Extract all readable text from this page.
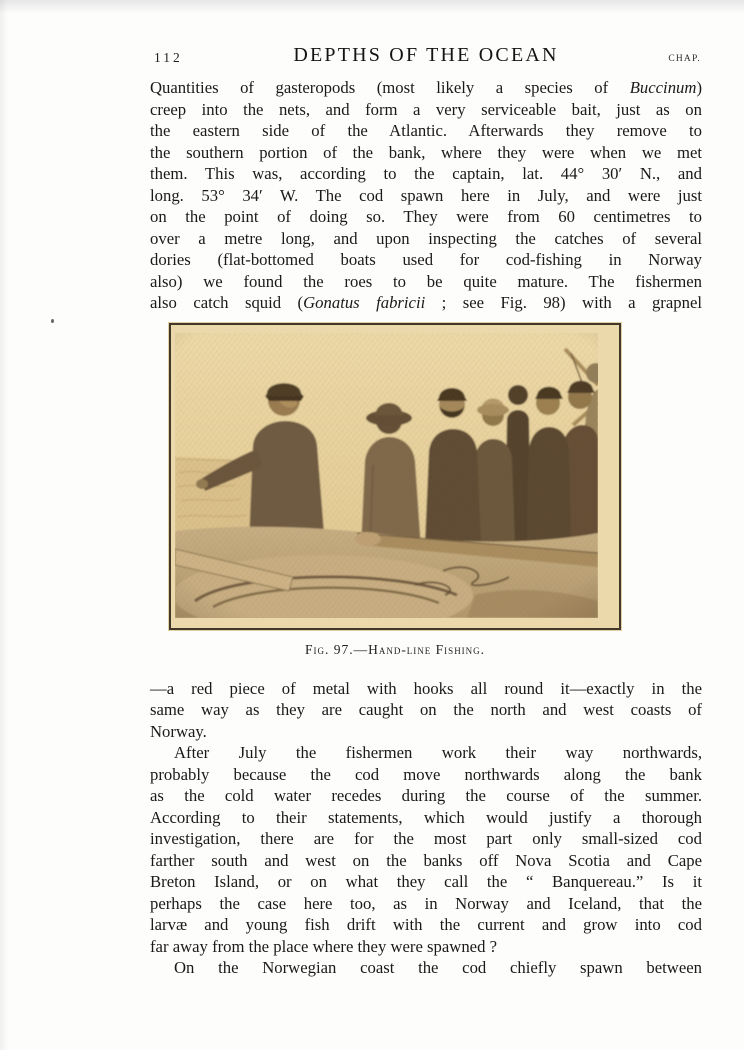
112	DEPTHS OF THE OCEAN	CHAP.
Quantities of gasteropods (most likely a species of Buccinum)
creep into the nets, and form a very serviceable bait, just as on
the eastern side of the Atlantic. Afterwards they remove to
the southern portion of the bank, where they were when we met
them. This was, according to the captain, lat. 44° 30′ N., and
long. 53° 34′ W. The cod spawn here in July, and were just
on the point of doing so. They were from 60 centimetres to
over a metre long, and upon inspecting the catches of several
dories (flat-bottomed boats used for cod-fishing in Norway
also) we found the roes to be quite mature. The fishermen
also catch squid (Gonatus fabricii ; see Fig. 98) with a grapnel
Fig. 97.—Hand-line Fishing.
—a red piece of metal with hooks all round it—exactly in the
same way as they are caught on the north and west coasts of
Norway.
After July the fishermen work their way northwards,
probably because the cod move northwards along the bank
as the cold water recedes during the course of the summer.
According to their statements, which would justify a thorough
investigation, there are for the most part only small-sized cod
farther south and west on the banks off Nova Scotia and Cape
Breton Island, or on what they call the “ Banquereau.” Is it
perhaps the case here too, as in Norway and Iceland, that the
larvæ and young fish drift with the current and grow into cod
far away from the place where they were spawned ?
On the Norwegian coast the cod chiefly spawn between
